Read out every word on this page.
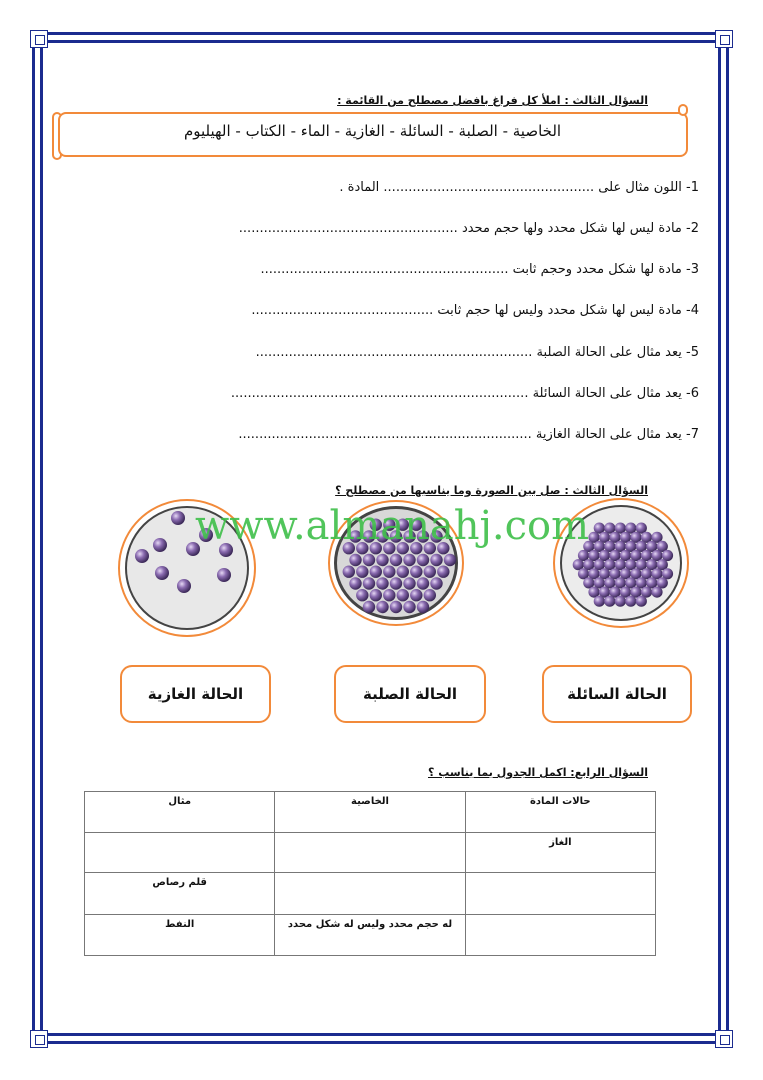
السؤال الثالث : املأ كل فراغ بافضل مصطلح من القائمة :
الخاصية - الصلبة - السائلة - الغازية - الماء - الكتاب - الهيليوم
1- اللون مثال على ................................................... المادة .
2- مادة ليس لها شكل محدد ولها حجم محدد .....................................................
3- مادة لها شكل محدد وحجم ثابت ............................................................
4- مادة ليس لها شكل محدد وليس لها حجم ثابت ............................................
5- يعد مثال على الحالة الصلبة ...................................................................
6- يعد مثال على الحالة السائلة ........................................................................
7- يعد مثال على الحالة الغازية .......................................................................
السؤال الثالث : صل بين الصورة وما يناسبها من مصطلح ؟
www.almanahj.com
الحالة السائلة
الحالة الصلبة
الحالة الغازية
السؤال الرابع: اكمل الجدول بما يناسب ؟
حالات المادة	الخاصية	مثال
الغاز		
		قلم رصاص
	له حجم محدد وليس له شكل محدد	النفط
